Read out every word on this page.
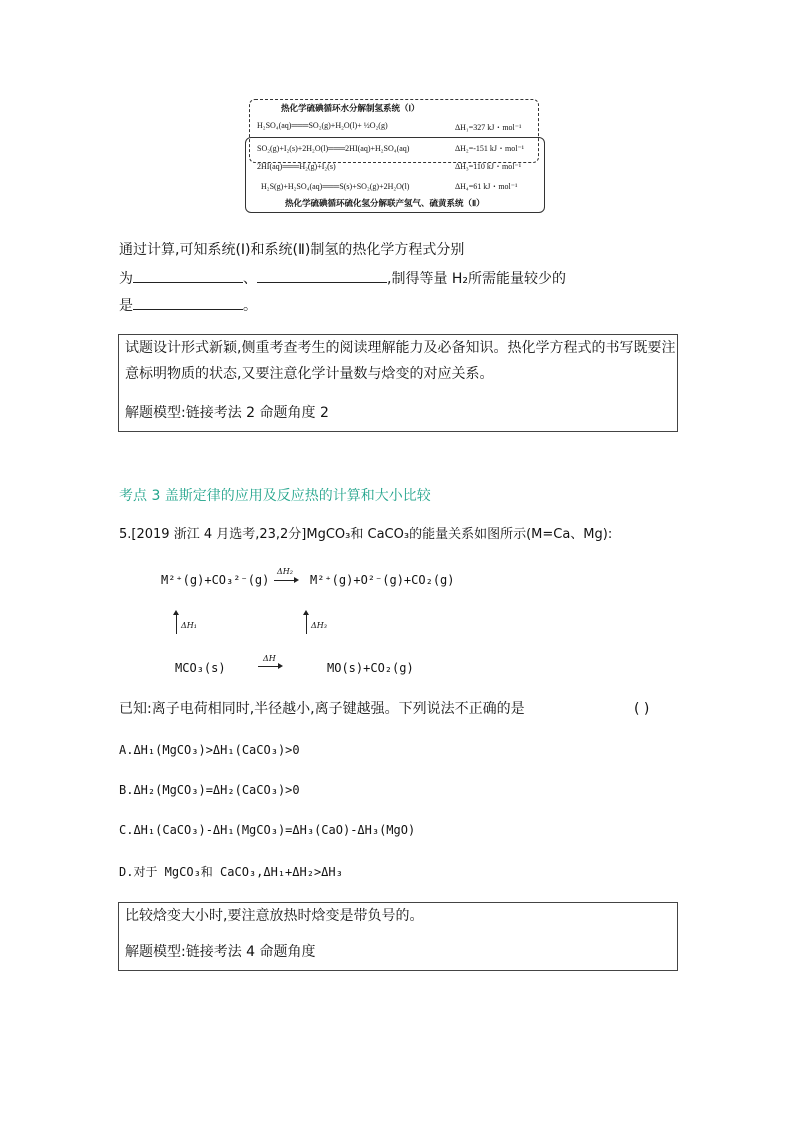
热化学硫碘循环水分解制氢系统（Ⅰ）
H₂SO₄(aq)═══SO₂(g)+H₂O(l)+ ½O₂(g)	ΔH₁=327 kJ・mol⁻¹
SO₂(g)+I₂(s)+2H₂O(l)═══2HI(aq)+H₂SO₄(aq)	ΔH₂=-151 kJ・mol⁻¹
2HI(aq)═══H₂(g)+I₂(s)	ΔH₃=110 kJ・mol⁻¹
H₂S(g)+H₂SO₄(aq)═══S(s)+SO₂(g)+2H₂O(l)	ΔH₄=61 kJ・mol⁻¹
热化学硫碘循环硫化氢分解联产氢气、硫黄系统（Ⅱ）
通过计算,可知系统(Ⅰ)和系统(Ⅱ)制氢的热化学方程式分别
为	、	,制得等量 H₂所需能量较少的
是	。
试题设计形式新颖,侧重考查考生的阅读理解能力及必备知识。热化学方程式的书写既要注
意标明物质的状态,又要注意化学计量数与焓变的对应关系。
解题模型:链接考法 2 命题角度 2
考点 3 盖斯定律的应用及反应热的计算和大小比较
5.[2019 浙江 4 月选考,23,2分]MgCO₃和 CaCO₃的能量关系如图所示(M=Ca、Mg):
M²⁺(g)+CO₃²⁻(g)
ΔH₂
M²⁺(g)+O²⁻(g)+CO₂(g)
ΔH₁	ΔH₃
MCO₃(s)
ΔH
MO(s)+CO₂(g)
已知:离子电荷相同时,半径越小,离子键越强。下列说法不正确的是	( )
A.ΔH₁(MgCO₃)>ΔH₁(CaCO₃)>0
B.ΔH₂(MgCO₃)=ΔH₂(CaCO₃)>0
C.ΔH₁(CaCO₃)-ΔH₁(MgCO₃)=ΔH₃(CaO)-ΔH₃(MgO)
D.对于 MgCO₃和 CaCO₃,ΔH₁+ΔH₂>ΔH₃
比较焓变大小时,要注意放热时焓变是带负号的。
解题模型:链接考法 4 命题角度
